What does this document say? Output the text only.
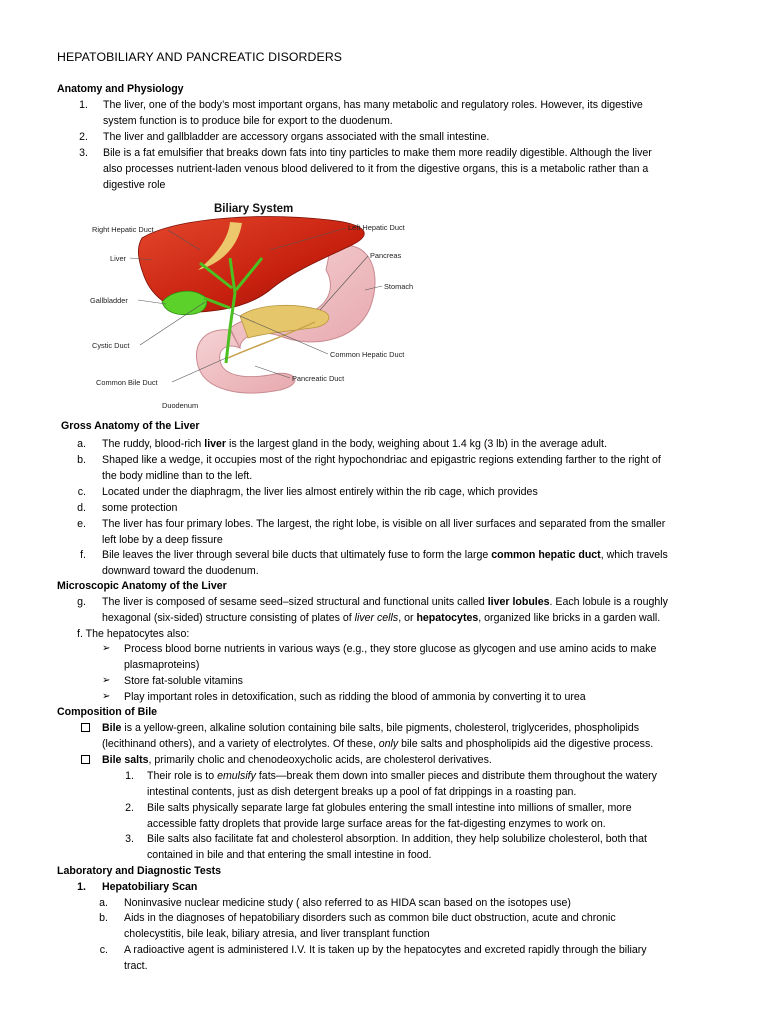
HEPATOBILIARY AND PANCREATIC DISORDERS
Anatomy and Physiology
1. The liver, one of the body’s most important organs, has many metabolic and regulatory roles. However, its digestive
system function is to produce bile for export to the duodenum.
2. The liver and gallbladder are accessory organs associated with the small intestine.
3. Bile is a fat emulsifier that breaks down fats into tiny particles to make them more readily digestible. Although the liver
also processes nutrient-laden venous blood delivered to it from the digestive organs, this is a metabolic rather than a
digestive role
Biliary System
Right Hepatic Duct	Left Hepatic Duct
Liver	Pancreas
Stomach
Gallbladder
Cystic Duct
Common Hepatic Duct
Common Bile Duct	Pancreatic Duct
Duodenum
Gross Anatomy of the Liver
a. The ruddy, blood-rich liver is the largest gland in the body, weighing about 1.4 kg (3 lb) in the average adult.
b. Shaped like a wedge, it occupies most of the right hypochondriac and epigastric regions extending farther to the right of
the body midline than to the left.
c. Located under the diaphragm, the liver lies almost entirely within the rib cage, which provides
d. some protection
e. The liver has four primary lobes. The largest, the right lobe, is visible on all liver surfaces and separated from the smaller
left lobe by a deep fissure
f. Bile leaves the liver through several bile ducts that ultimately fuse to form the large common hepatic duct, which travels
downward toward the duodenum.
Microscopic Anatomy of the Liver
g. The liver is composed of sesame seed–sized structural and functional units called liver lobules. Each lobule is a roughly
hexagonal (six-sided) structure consisting of plates of liver cells, or hepatocytes, organized like bricks in a garden wall.
f. The hepatocytes also:
➢ Process blood borne nutrients in various ways (e.g., they store glucose as glycogen and use amino acids to make
plasmaproteins)
➢ Store fat-soluble vitamins
➢ Play important roles in detoxification, such as ridding the blood of ammonia by converting it to urea
Composition of Bile
Bile is a yellow-green, alkaline solution containing bile salts, bile pigments, cholesterol, triglycerides, phospholipids
(lecithinand others), and a variety of electrolytes. Of these, only bile salts and phospholipids aid the digestive process.
Bile salts, primarily cholic and chenodeoxycholic acids, are cholesterol derivatives.
1. Their role is to emulsify fats—break them down into smaller pieces and distribute them throughout the watery
intestinal contents, just as dish detergent breaks up a pool of fat drippings in a roasting pan.
2. Bile salts physically separate large fat globules entering the small intestine into millions of smaller, more
accessible fatty droplets that provide large surface areas for the fat-digesting enzymes to work on.
3. Bile salts also facilitate fat and cholesterol absorption. In addition, they help solubilize cholesterol, both that
contained in bile and that entering the small intestine in food.
Laboratory and Diagnostic Tests
1. Hepatobiliary Scan
a. Noninvasive nuclear medicine study ( also referred to as HIDA scan based on the isotopes use)
b. Aids in the diagnoses of hepatobiliary disorders such as common bile duct obstruction, acute and chronic
cholecystitis, bile leak, biliary atresia, and liver transplant function
c. A radioactive agent is administered I.V. It is taken up by the hepatocytes and excreted rapidly through the biliary
tract.
